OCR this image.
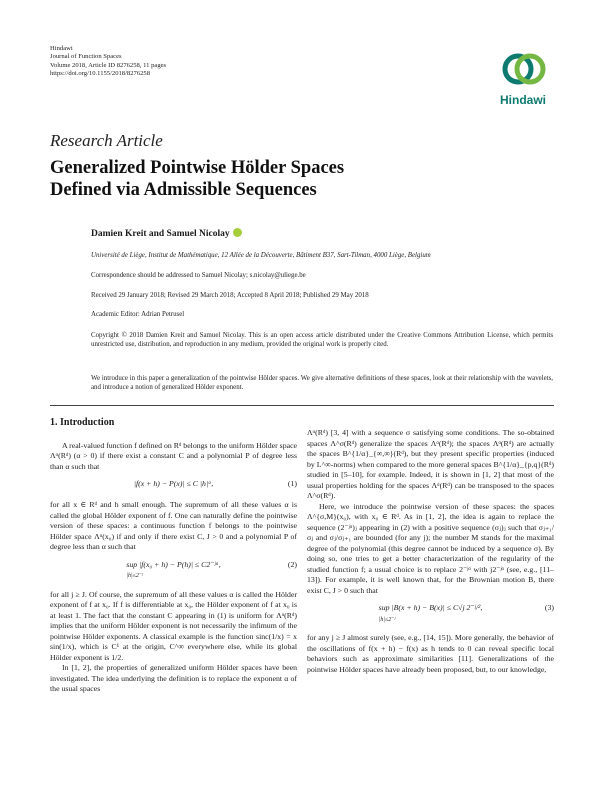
Hindawi
Journal of Function Spaces
Volume 2018, Article ID 8276258, 11 pages
https://doi.org/10.1155/2018/8276258
Hindawi
Research Article
Generalized Pointwise Hölder Spaces
Defined via Admissible Sequences
Damien Kreit and Samuel Nicolay
Université de Liège, Institut de Mathématique, 12 Allée de la Découverte, Bâtiment B37, Sart-Tilman, 4000 Liège, Belgium
Correspondence should be addressed to Samuel Nicolay; s.nicolay@uliege.be
Received 29 January 2018; Revised 29 March 2018; Accepted 8 April 2018; Published 29 May 2018
Academic Editor: Adrian Petrusel
Copyright © 2018 Damien Kreit and Samuel Nicolay. This is an open access article distributed under the Creative Commons Attribution License, which permits unrestricted use, distribution, and reproduction in any medium, provided the original work is properly cited.
We introduce in this paper a generalization of the pointwise Hölder spaces. We give alternative definitions of these spaces, look at their relationship with the wavelets, and introduce a notion of generalized Hölder exponent.
1. Introduction

A real-valued function f defined on Rᵈ belongs to the uniform Hölder space Λᵅ(Rᵈ) (α > 0) if there exist a constant C and a polynomial P of degree less than α such that

|f(x + h) − P(x)| ≤ C |h|ᵅ,	(1)

for all x ∈ Rᵈ and h small enough. The supremum of all these values α is called the global Hölder exponent of f. One can naturally define the pointwise version of these spaces: a continuous function f belongs to the pointwise Hölder space Λᵅ(x₀) if and only if there exist C, J > 0 and a polynomial P of degree less than α such that

sup |f(x₀ + h) − P(h)| ≤ C2⁻ʲᵅ,
|h|≤2⁻ʲ
(2)

for all j ≥ J. Of course, the supremum of all these values α is called the Hölder exponent of f at x₀. If f is differentiable at x₀, the Hölder exponent of f at x₀ is at least 1. The fact that the constant C appearing in (1) is uniform for Λᵅ(Rᵈ) implies that the uniform Hölder exponent is not necessarily the infimum of the pointwise Hölder exponents. A classical example is the function sinc(1/x) = x sin(1/x), which is C¹ at the origin, C^∞ everywhere else, while its global Hölder exponent is 1/2.

In [1, 2], the properties of generalized uniform Hölder spaces have been investigated. The idea underlying the definition is to replace the exponent α of the usual spaces

Λᵅ(Rᵈ) [3, 4] with a sequence σ satisfying some conditions. The so-obtained spaces Λ^σ(Rᵈ) generalize the spaces Λᵅ(Rᵈ); the spaces Λᵅ(Rᵈ) are actually the spaces B^{1/α}_{∞,∞}(Rᵈ), but they present specific properties (induced by L^∞-norms) when compared to the more general spaces B^{1/α}_{p,q}(Rᵈ) studied in [5–10], for example. Indeed, it is shown in [1, 2] that most of the usual properties holding for the spaces Λᵅ(Rᵈ) can be transposed to the spaces Λ^σ(Rᵈ).

Here, we introduce the pointwise version of these spaces: the spaces Λ^{σ,M}(x₀), with x₀ ∈ Rᵈ. As in [1, 2], the idea is again to replace the sequence (2⁻ʲᵅ)ⱼ appearing in (2) with a positive sequence (σⱼ)ⱼ such that σⱼ₊₁/σⱼ and σⱼ/σⱼ₊₁ are bounded (for any j); the number M stands for the maximal degree of the polynomial (this degree cannot be induced by a sequence σ). By doing so, one tries to get a better characterization of the regularity of the studied function f; a usual choice is to replace 2⁻ʲᵅ with j2⁻ʲᵅ (see, e.g., [11–13]). For example, it is well known that, for the Brownian motion B, there exist C, J > 0 such that

sup |B(x + h) − B(x)| ≤ C√j 2⁻ʲ/²,
|h|≤2⁻ʲ
(3)

for any j ≥ J almost surely (see, e.g., [14, 15]). More generally, the behavior of the oscillations of f(x + h) − f(x) as h tends to 0 can reveal specific local behaviors such as approximate similarities [11]. Generalizations of the pointwise Hölder spaces have already been proposed, but, to our knowledge,
